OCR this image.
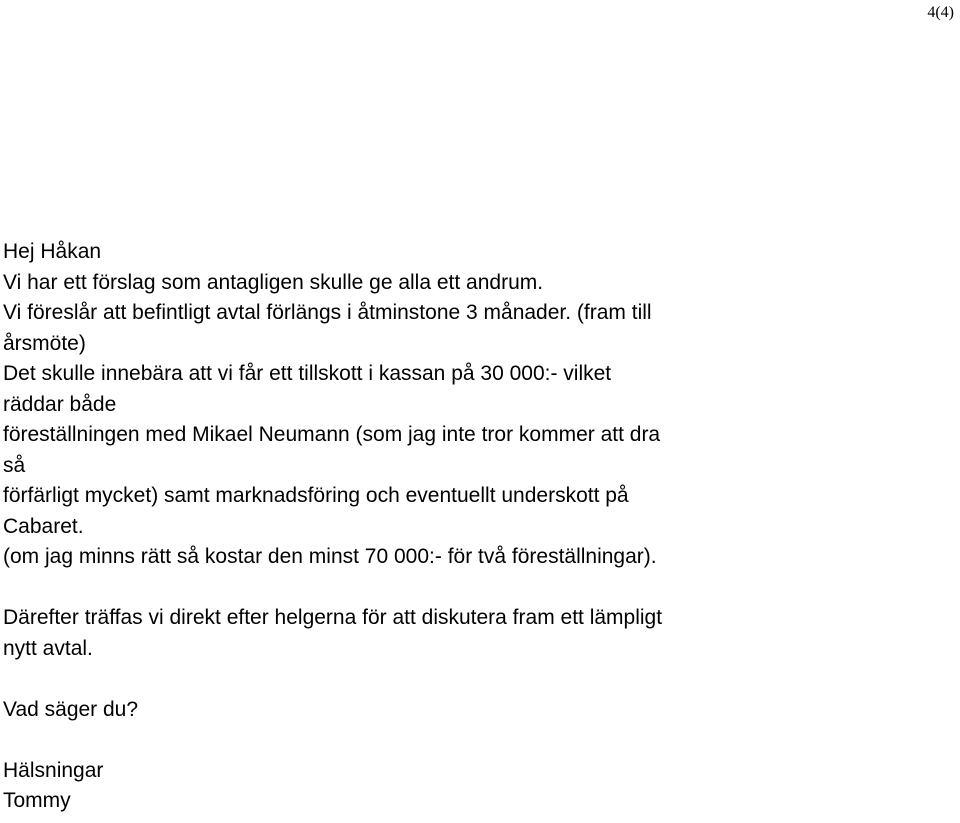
4(4)
Hej Håkan
Vi har ett förslag som antagligen skulle ge alla ett andrum.
Vi föreslår att befintligt avtal förlängs i åtminstone 3 månader. (fram till
årsmöte)
Det skulle innebära att vi får ett tillskott i kassan på 30 000:- vilket
räddar både
föreställningen med Mikael Neumann (som jag inte tror kommer att dra
så
förfärligt mycket) samt marknadsföring och eventuellt underskott på
Cabaret.
(om jag minns rätt så kostar den minst 70 000:- för två föreställningar).
Därefter träffas vi direkt efter helgerna för att diskutera fram ett lämpligt
nytt avtal.
Vad säger du?
Hälsningar
Tommy
